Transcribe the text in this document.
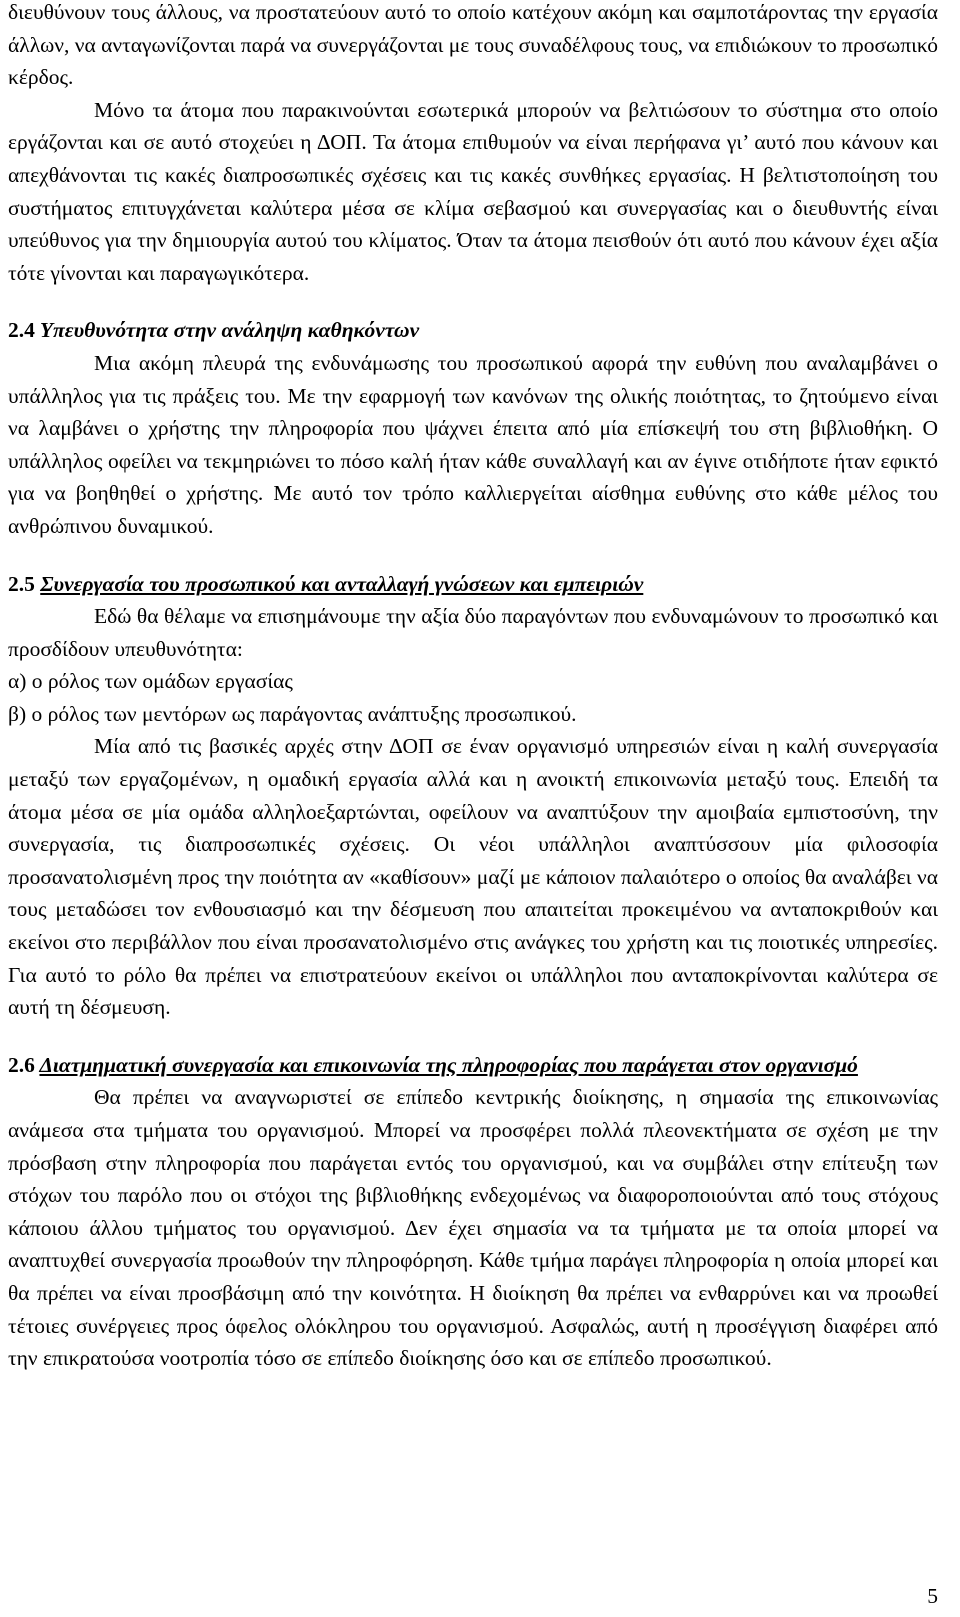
διευθύνουν τους άλλους, να προστατεύουν αυτό το οποίο κατέχουν ακόμη και σαμποτάροντας την εργασία άλλων, να ανταγωνίζονται παρά να συνεργάζονται με τους συναδέλφους τους, να επιδιώκουν το προσωπικό κέρδος.

Μόνο τα άτομα που παρακινούνται εσωτερικά μπορούν να βελτιώσουν το σύστημα στο οποίο εργάζονται και σε αυτό στοχεύει η ΔΟΠ. Τα άτομα επιθυμούν να είναι περήφανα γι’ αυτό που κάνουν και απεχθάνονται τις κακές διαπροσωπικές σχέσεις και τις κακές συνθήκες εργασίας. Η βελτιστοποίηση του συστήματος επιτυγχάνεται καλύτερα μέσα σε κλίμα σεβασμού και συνεργασίας και ο διευθυντής είναι υπεύθυνος για την δημιουργία αυτού του κλίματος. Όταν τα άτομα πεισθούν ότι αυτό που κάνουν έχει αξία τότε γίνονται και παραγωγικότερα.

2.4 Υπευθυνότητα στην ανάληψη καθηκόντων

Μια ακόμη πλευρά της ενδυνάμωσης του προσωπικού αφορά την ευθύνη που αναλαμβάνει ο υπάλληλος για τις πράξεις του. Με την εφαρμογή των κανόνων της ολικής ποιότητας, το ζητούμενο είναι να λαμβάνει ο χρήστης την πληροφορία που ψάχνει έπειτα από μία επίσκεψή του στη βιβλιοθήκη. Ο υπάλληλος οφείλει να τεκμηριώνει το πόσο καλή ήταν κάθε συναλλαγή και αν έγινε οτιδήποτε ήταν εφικτό για να βοηθηθεί ο χρήστης. Με αυτό τον τρόπο καλλιεργείται αίσθημα ευθύνης στο κάθε μέλος του ανθρώπινου δυναμικού.

2.5 Συνεργασία του προσωπικού και ανταλλαγή γνώσεων και εμπειριών

Εδώ θα θέλαμε να επισημάνουμε την αξία δύο παραγόντων που ενδυναμώνουν το προσωπικό και προσδίδουν υπευθυνότητα:

α) ο ρόλος των ομάδων εργασίας

β) ο ρόλος των μεντόρων ως παράγοντας ανάπτυξης προσωπικού.

Μία από τις βασικές αρχές στην ΔΟΠ σε έναν οργανισμό υπηρεσιών είναι η καλή συνεργασία μεταξύ των εργαζομένων, η ομαδική εργασία αλλά και η ανοικτή επικοινωνία μεταξύ τους. Επειδή τα άτομα μέσα σε μία ομάδα αλληλοεξαρτώνται, οφείλουν να αναπτύξουν την αμοιβαία εμπιστοσύνη, την συνεργασία, τις διαπροσωπικές σχέσεις. Οι νέοι υπάλληλοι αναπτύσσουν μία φιλοσοφία προσανατολισμένη προς την ποιότητα αν «καθίσουν» μαζί με κάποιον παλαιότερο ο οποίος θα αναλάβει να τους μεταδώσει τον ενθουσιασμό και την δέσμευση που απαιτείται προκειμένου να ανταποκριθούν και εκείνοι στο περιβάλλον που είναι προσανατολισμένο στις ανάγκες του χρήστη και τις ποιοτικές υπηρεσίες. Για αυτό το ρόλο θα πρέπει να επιστρατεύουν εκείνοι οι υπάλληλοι που ανταποκρίνονται καλύτερα σε αυτή τη δέσμευση.

2.6 Διατμηματική συνεργασία και επικοινωνία της πληροφορίας που παράγεται στον οργανισμό

Θα πρέπει να αναγνωριστεί σε επίπεδο κεντρικής διοίκησης, η σημασία της επικοινωνίας ανάμεσα στα τμήματα του οργανισμού. Μπορεί να προσφέρει πολλά πλεονεκτήματα σε σχέση με την πρόσβαση στην πληροφορία που παράγεται εντός του οργανισμού, και να συμβάλει στην επίτευξη των στόχων του παρόλο που οι στόχοι της βιβλιοθήκης ενδεχομένως να διαφοροποιούνται από τους στόχους κάποιου άλλου τμήματος του οργανισμού. Δεν έχει σημασία να τα τμήματα με τα οποία μπορεί να αναπτυχθεί συνεργασία προωθούν την πληροφόρηση. Κάθε τμήμα παράγει πληροφορία η οποία μπορεί και θα πρέπει να είναι προσβάσιμη από την κοινότητα. Η διοίκηση θα πρέπει να ενθαρρύνει και να προωθεί τέτοιες συνέργειες προς όφελος ολόκληρου του οργανισμού. Ασφαλώς, αυτή η προσέγγιση διαφέρει από την επικρατούσα νοοτροπία τόσο σε επίπεδο διοίκησης όσο και σε επίπεδο προσωπικού.

5
